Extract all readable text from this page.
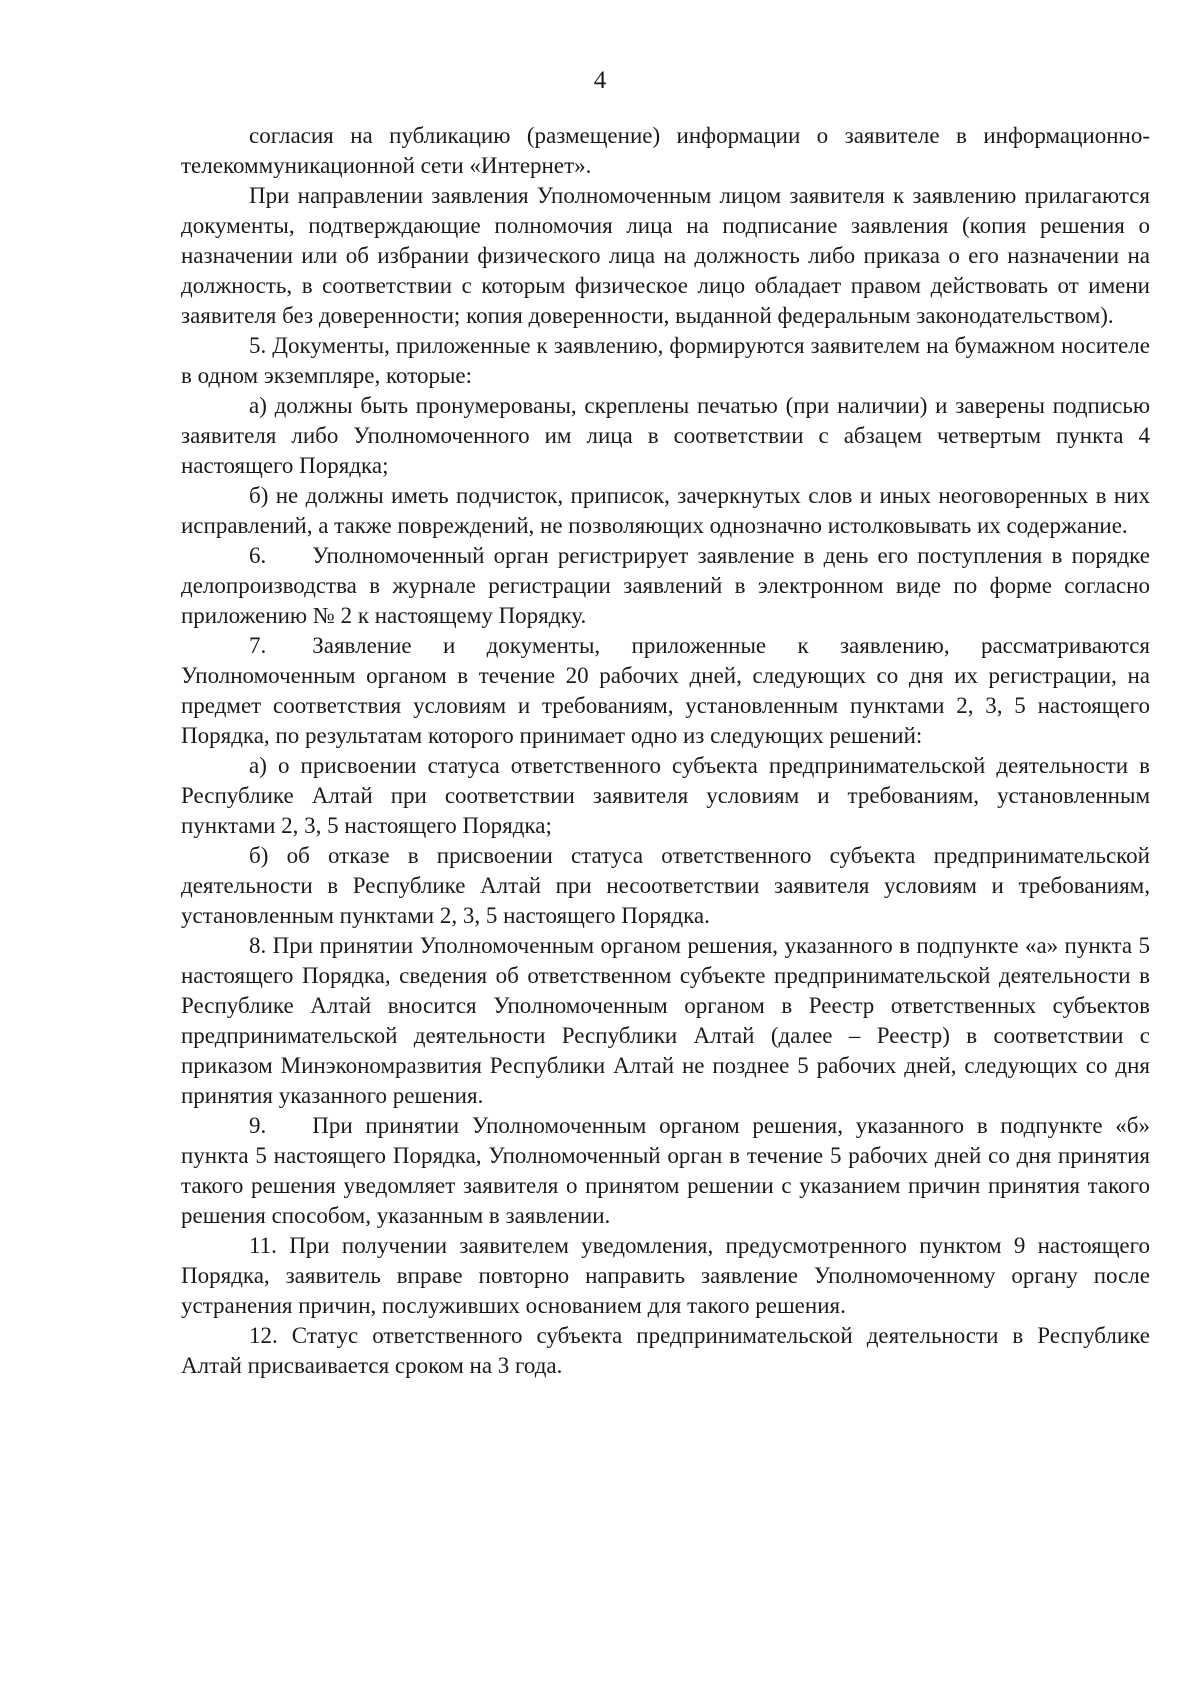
4

согласия на публикацию (размещение) информации о заявителе в информационно-телекоммуникационной сети «Интернет».

При направлении заявления Уполномоченным лицом заявителя к заявлению прилагаются документы, подтверждающие полномочия лица на подписание заявления (копия решения о назначении или об избрании физического лица на должность либо приказа о его назначении на должность, в соответствии с которым физическое лицо обладает правом действовать от имени заявителя без доверенности; копия доверенности, выданной федеральным законодательством).

5. Документы, приложенные к заявлению, формируются заявителем на бумажном носителе в одном экземпляре, которые:

а) должны быть пронумерованы, скреплены печатью (при наличии) и заверены подписью заявителя либо Уполномоченного им лица в соответствии с абзацем четвертым пункта 4 настоящего Порядка;

б) не должны иметь подчисток, приписок, зачеркнутых слов и иных неоговоренных в них исправлений, а также повреждений, не позволяющих однозначно истолковывать их содержание.

6. Уполномоченный орган регистрирует заявление в день его поступления в порядке делопроизводства в журнале регистрации заявлений в электронном виде по форме согласно приложению № 2 к настоящему Порядку.

7. Заявление и документы, приложенные к заявлению, рассматриваются Уполномоченным органом в течение 20 рабочих дней, следующих со дня их регистрации, на предмет соответствия условиям и требованиям, установленным пунктами 2, 3, 5 настоящего Порядка, по результатам которого принимает одно из следующих решений:

а) о присвоении статуса ответственного субъекта предпринимательской деятельности в Республике Алтай при соответствии заявителя условиям и требованиям, установленным пунктами 2, 3, 5 настоящего Порядка;

б) об отказе в присвоении статуса ответственного субъекта предпринимательской деятельности в Республике Алтай при несоответствии заявителя условиям и требованиям, установленным пунктами 2, 3, 5 настоящего Порядка.

8. При принятии Уполномоченным органом решения, указанного в подпункте «а» пункта 5 настоящего Порядка, сведения об ответственном субъекте предпринимательской деятельности в Республике Алтай вносится Уполномоченным органом в Реестр ответственных субъектов предпринимательской деятельности Республики Алтай (далее – Реестр) в соответствии с приказом Минэкономразвития Республики Алтай не позднее 5 рабочих дней, следующих со дня принятия указанного решения.

9. При принятии Уполномоченным органом решения, указанного в подпункте «б» пункта 5 настоящего Порядка, Уполномоченный орган в течение 5 рабочих дней со дня принятия такого решения уведомляет заявителя о принятом решении с указанием причин принятия такого решения способом, указанным в заявлении.

11. При получении заявителем уведомления, предусмотренного пунктом 9 настоящего Порядка, заявитель вправе повторно направить заявление Уполномоченному органу после устранения причин, послуживших основанием для такого решения.

12. Статус ответственного субъекта предпринимательской деятельности в Республике Алтай присваивается сроком на 3 года.
